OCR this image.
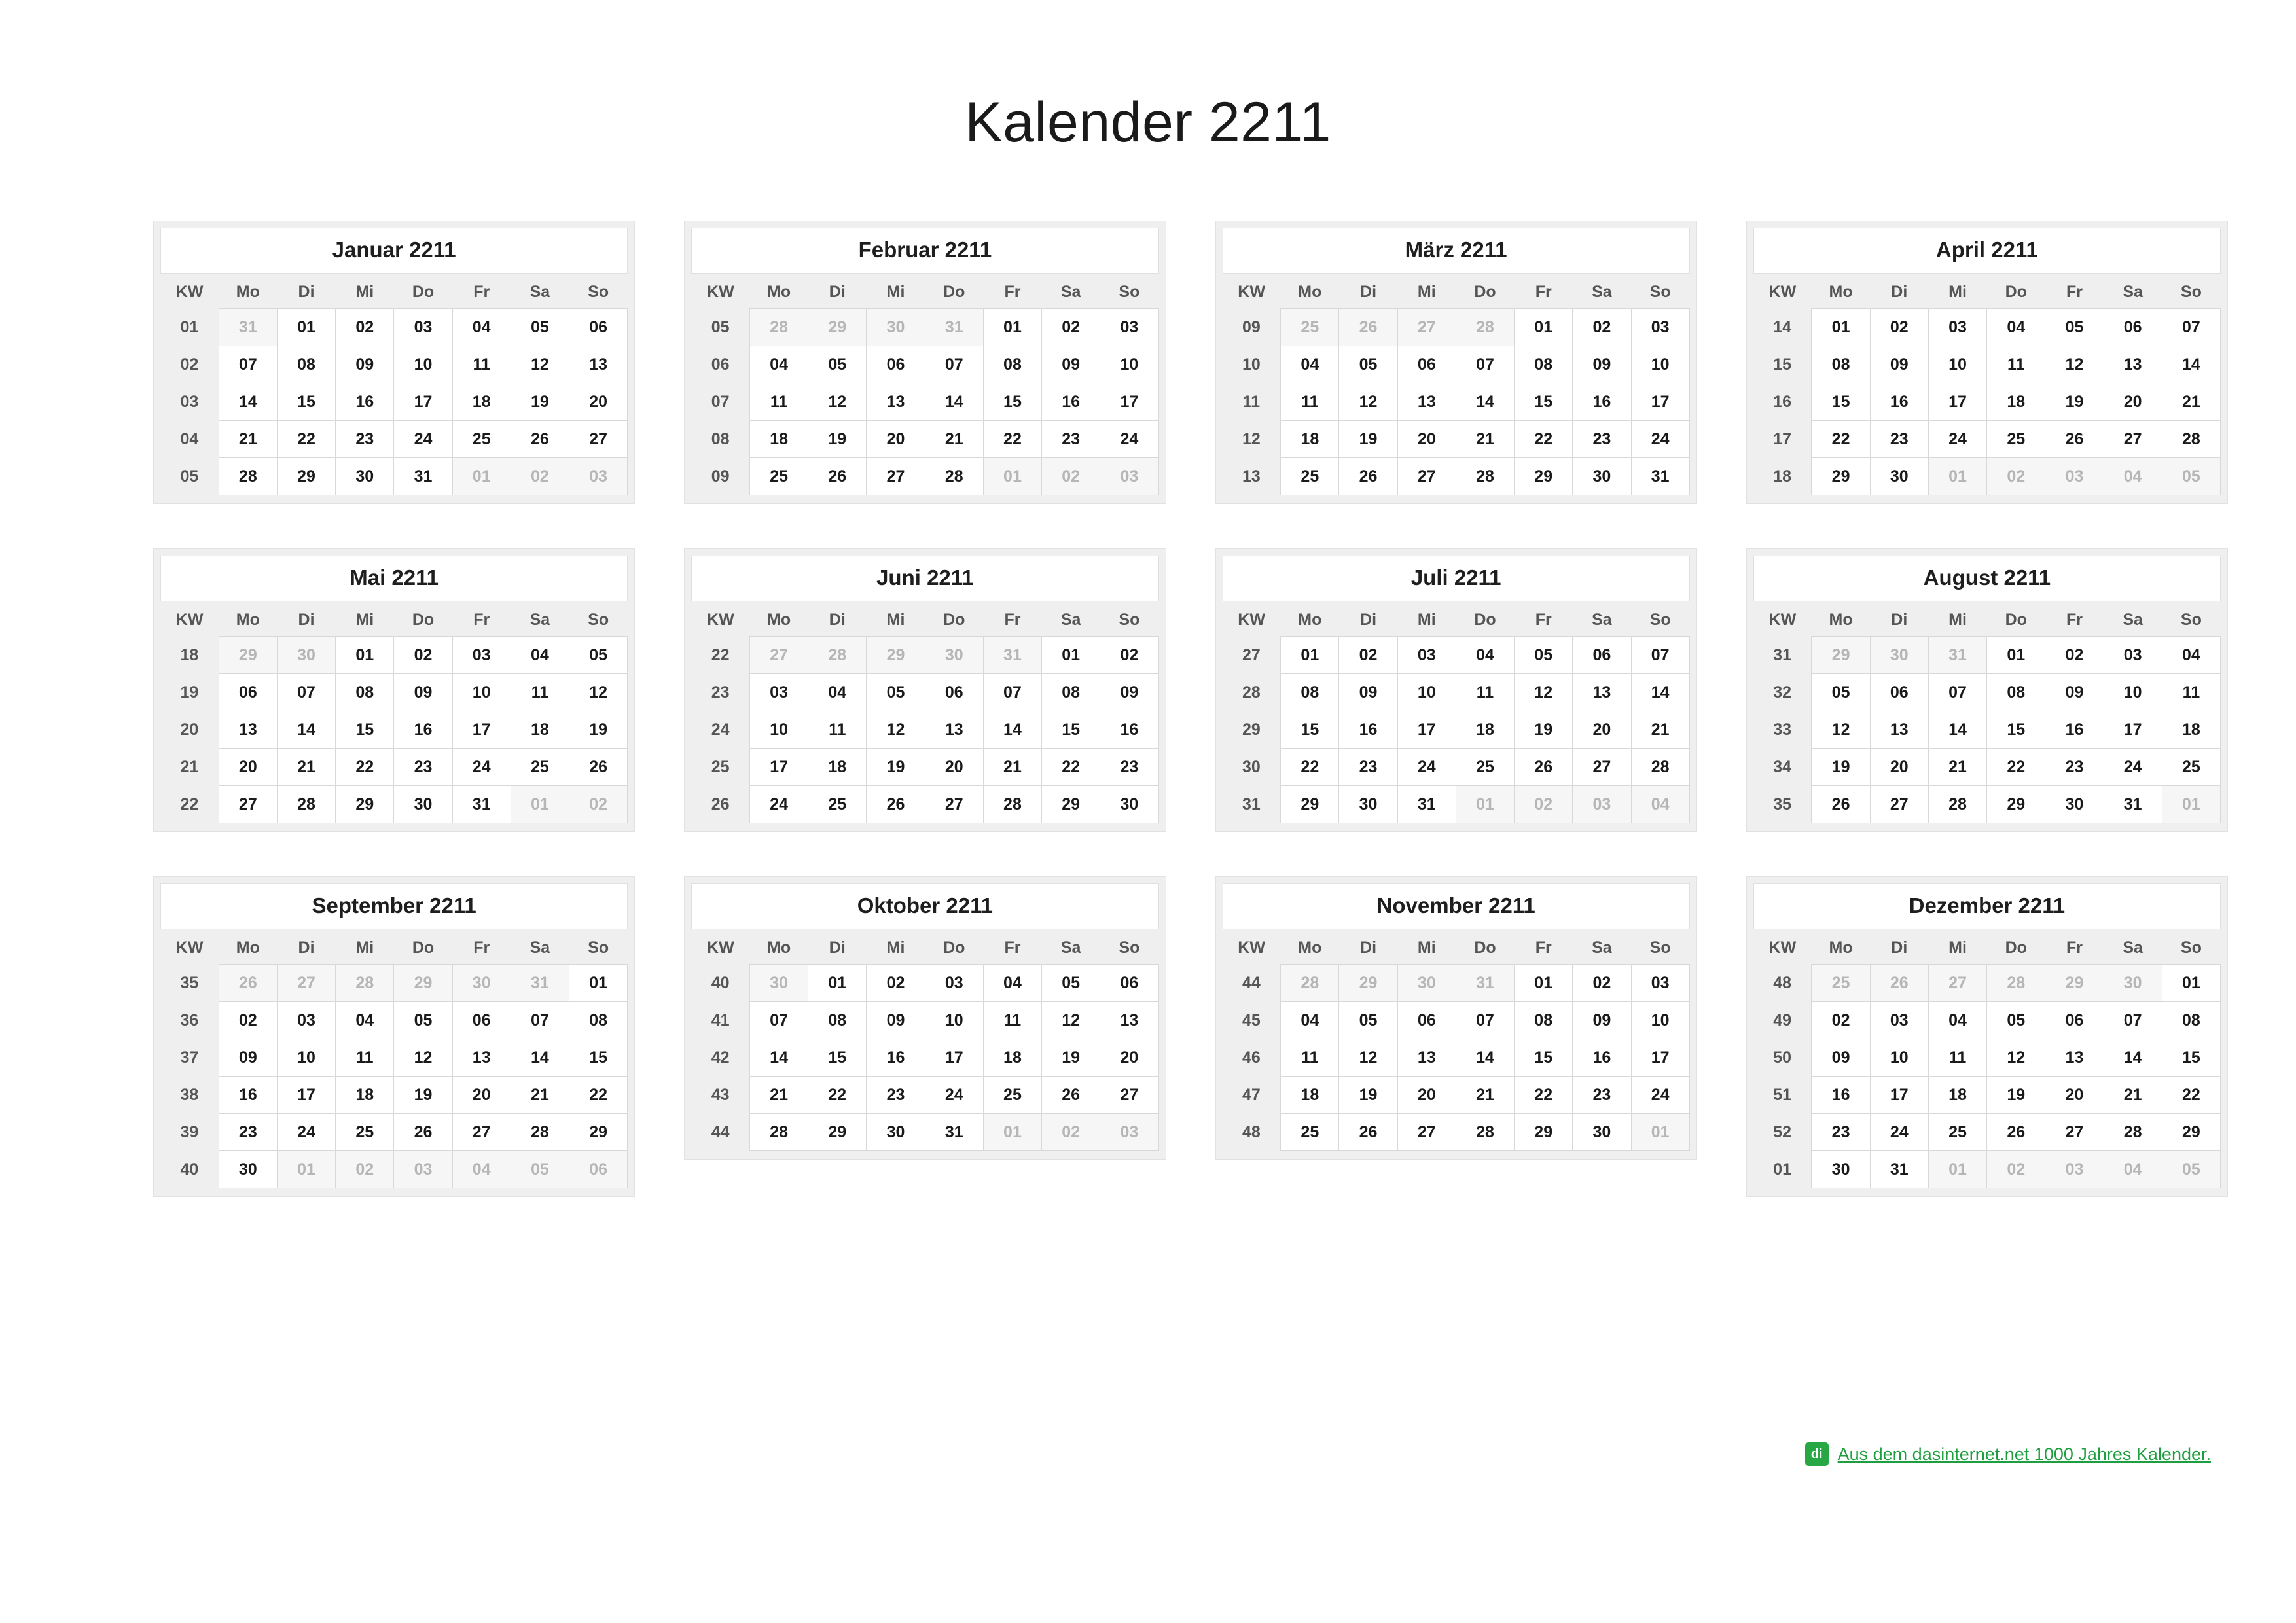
Kalender 2211
Januar 2211
KW	Mo	Di	Mi	Do	Fr	Sa	So
01	31	01	02	03	04	05	06
02	07	08	09	10	11	12	13
03	14	15	16	17	18	19	20
04	21	22	23	24	25	26	27
05	28	29	30	31	01	02	03
Februar 2211
KW	Mo	Di	Mi	Do	Fr	Sa	So
05	28	29	30	31	01	02	03
06	04	05	06	07	08	09	10
07	11	12	13	14	15	16	17
08	18	19	20	21	22	23	24
09	25	26	27	28	01	02	03
März 2211
KW	Mo	Di	Mi	Do	Fr	Sa	So
09	25	26	27	28	01	02	03
10	04	05	06	07	08	09	10
11	11	12	13	14	15	16	17
12	18	19	20	21	22	23	24
13	25	26	27	28	29	30	31
April 2211
KW	Mo	Di	Mi	Do	Fr	Sa	So
14	01	02	03	04	05	06	07
15	08	09	10	11	12	13	14
16	15	16	17	18	19	20	21
17	22	23	24	25	26	27	28
18	29	30	01	02	03	04	05
Mai 2211
KW	Mo	Di	Mi	Do	Fr	Sa	So
18	29	30	01	02	03	04	05
19	06	07	08	09	10	11	12
20	13	14	15	16	17	18	19
21	20	21	22	23	24	25	26
22	27	28	29	30	31	01	02
Juni 2211
KW	Mo	Di	Mi	Do	Fr	Sa	So
22	27	28	29	30	31	01	02
23	03	04	05	06	07	08	09
24	10	11	12	13	14	15	16
25	17	18	19	20	21	22	23
26	24	25	26	27	28	29	30
Juli 2211
KW	Mo	Di	Mi	Do	Fr	Sa	So
27	01	02	03	04	05	06	07
28	08	09	10	11	12	13	14
29	15	16	17	18	19	20	21
30	22	23	24	25	26	27	28
31	29	30	31	01	02	03	04
August 2211
KW	Mo	Di	Mi	Do	Fr	Sa	So
31	29	30	31	01	02	03	04
32	05	06	07	08	09	10	11
33	12	13	14	15	16	17	18
34	19	20	21	22	23	24	25
35	26	27	28	29	30	31	01
September 2211
KW	Mo	Di	Mi	Do	Fr	Sa	So
35	26	27	28	29	30	31	01
36	02	03	04	05	06	07	08
37	09	10	11	12	13	14	15
38	16	17	18	19	20	21	22
39	23	24	25	26	27	28	29
40	30	01	02	03	04	05	06
Oktober 2211
KW	Mo	Di	Mi	Do	Fr	Sa	So
40	30	01	02	03	04	05	06
41	07	08	09	10	11	12	13
42	14	15	16	17	18	19	20
43	21	22	23	24	25	26	27
44	28	29	30	31	01	02	03
November 2211
KW	Mo	Di	Mi	Do	Fr	Sa	So
44	28	29	30	31	01	02	03
45	04	05	06	07	08	09	10
46	11	12	13	14	15	16	17
47	18	19	20	21	22	23	24
48	25	26	27	28	29	30	01
Dezember 2211
KW	Mo	Di	Mi	Do	Fr	Sa	So
48	25	26	27	28	29	30	01
49	02	03	04	05	06	07	08
50	09	10	11	12	13	14	15
51	16	17	18	19	20	21	22
52	23	24	25	26	27	28	29
01	30	31	01	02	03	04	05
di Aus dem dasinternet.net 1000 Jahres Kalender.
